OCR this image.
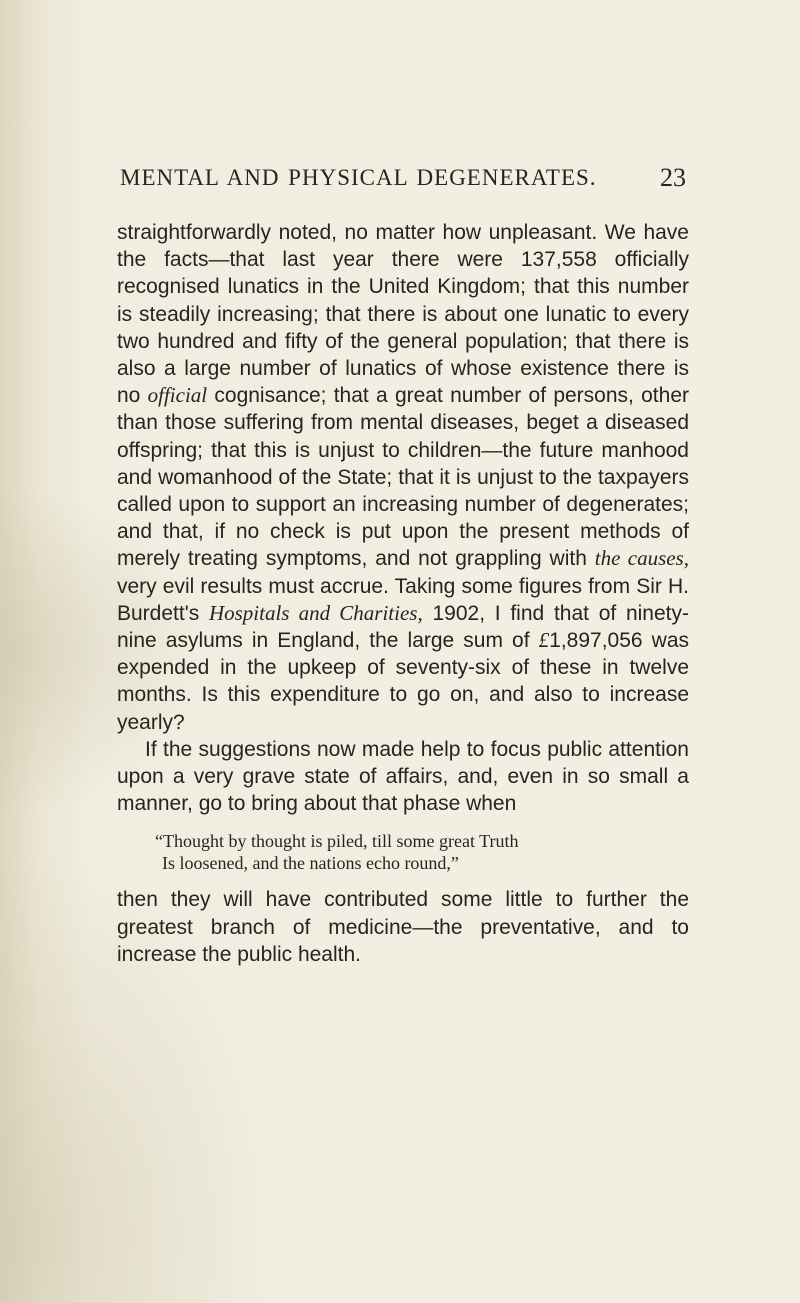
MENTAL AND PHYSICAL DEGENERATES. 23

straightforwardly noted, no matter how unpleasant. We have the facts—that last year there were 137,558 officially recognised lunatics in the United Kingdom; that this number is steadily increasing; that there is about one lunatic to every two hundred and fifty of the general population; that there is also a large number of lunatics of whose existence there is no official cognisance; that a great number of persons, other than those suffering from mental diseases, beget a diseased offspring; that this is unjust to children—the future manhood and womanhood of the State; that it is unjust to the taxpayers called upon to support an increasing number of degenerates; and that, if no check is put upon the present methods of merely treating symptoms, and not grappling with the causes, very evil results must accrue. Taking some figures from Sir H. Burdett's Hospitals and Charities, 1902, I find that of ninety-nine asylums in England, the large sum of £1,897,056 was expended in the upkeep of seventy-six of these in twelve months. Is this expenditure to go on, and also to increase yearly?

If the suggestions now made help to focus public attention upon a very grave state of affairs, and, even in so small a manner, go to bring about that phase when

“Thought by thought is piled, till some great Truth
Is loosened, and the nations echo round,”

then they will have contributed some little to further the greatest branch of medicine—the preventative, and to increase the public health.
